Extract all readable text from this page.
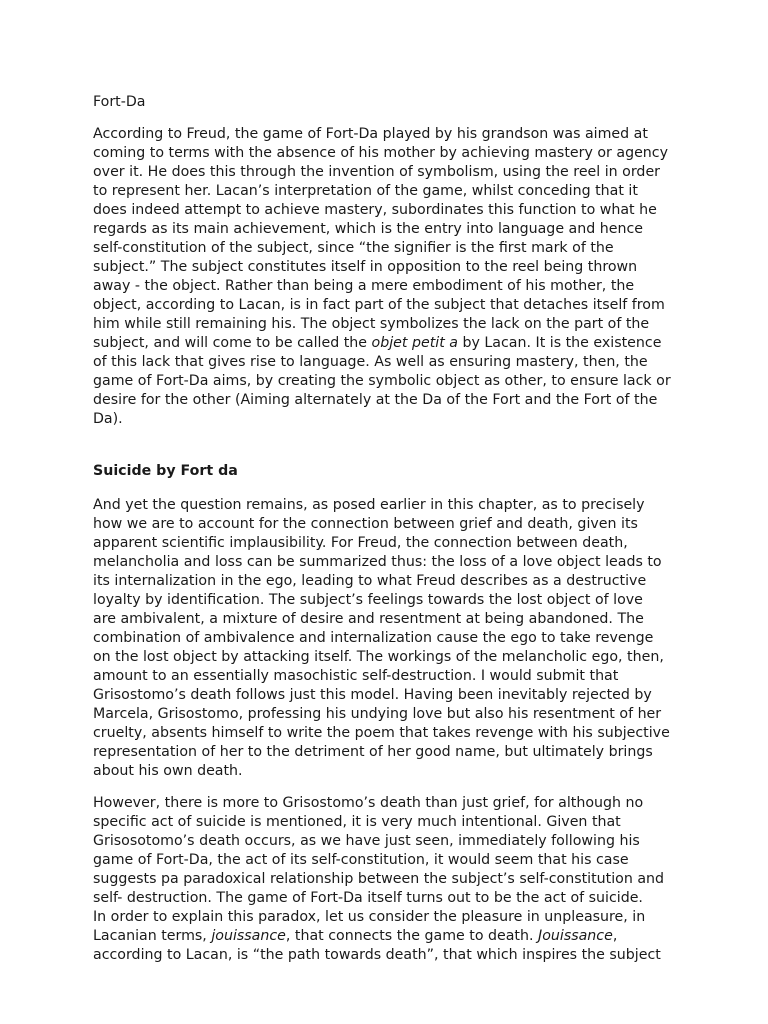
Fort-Da
According to Freud, the game of Fort-Da played by his grandson was aimed at
coming to terms with the absence of his mother by achieving mastery or agency
over it. He does this through the invention of symbolism, using the reel in order
to represent her. Lacan’s interpretation of the game, whilst conceding that it
does indeed attempt to achieve mastery, subordinates this function to what he
regards as its main achievement, which is the entry into language and hence
self-constitution of the subject, since “the signifier is the first mark of the
subject.” The subject constitutes itself in opposition to the reel being thrown
away - the object. Rather than being a mere embodiment of his mother, the
object, according to Lacan, is in fact part of the subject that detaches itself from
him while still remaining his. The object symbolizes the lack on the part of the
subject, and will come to be called the objet petit a by Lacan. It is the existence
of this lack that gives rise to language. As well as ensuring mastery, then, the
game of Fort-Da aims, by creating the symbolic object as other, to ensure lack or
desire for the other (Aiming alternately at the Da of the Fort and the Fort of the
Da).
Suicide by Fort da
And yet the question remains, as posed earlier in this chapter, as to precisely
how we are to account for the connection between grief and death, given its
apparent scientific implausibility. For Freud, the connection between death,
melancholia and loss can be summarized thus: the loss of a love object leads to
its internalization in the ego, leading to what Freud describes as a destructive
loyalty by identification. The subject’s feelings towards the lost object of love
are ambivalent, a mixture of desire and resentment at being abandoned. The
combination of ambivalence and internalization cause the ego to take revenge
on the lost object by attacking itself. The workings of the melancholic ego, then,
amount to an essentially masochistic self-destruction. I would submit that
Grisostomo’s death follows just this model. Having been inevitably rejected by
Marcela, Grisostomo, professing his undying love but also his resentment of her
cruelty, absents himself to write the poem that takes revenge with his subjective
representation of her to the detriment of her good name, but ultimately brings
about his own death.
However, there is more to Grisostomo’s death than just grief, for although no
specific act of suicide is mentioned, it is very much intentional. Given that
Grisosotomo’s death occurs, as we have just seen, immediately following his
game of Fort-Da, the act of its self-constitution, it would seem that his case
suggests pa paradoxical relationship between the subject’s self-constitution and
self- destruction. The game of Fort-Da itself turns out to be the act of suicide.
In order to explain this paradox, let us consider the pleasure in unpleasure, in
Lacanian terms, jouissance, that connects the game to death. Jouissance,
according to Lacan, is “the path towards death”, that which inspires the subject
